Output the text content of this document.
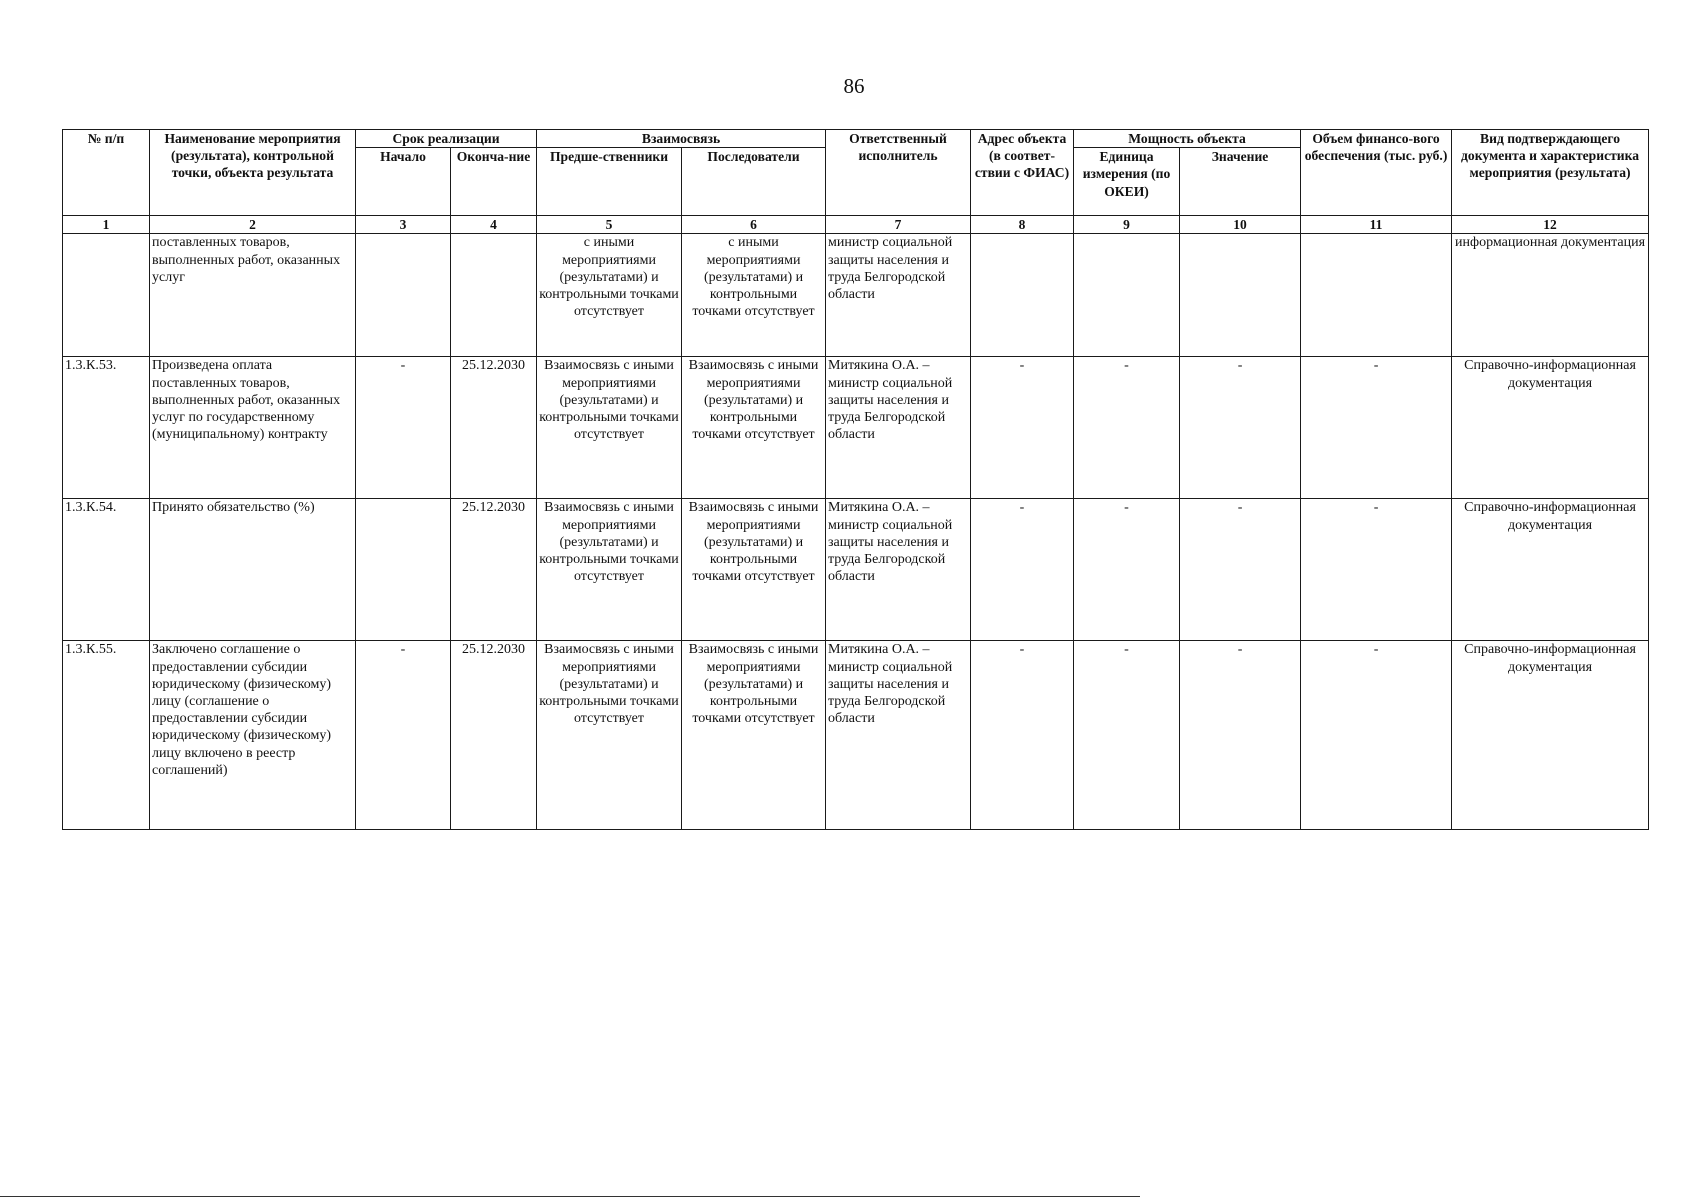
86
№ п/п	Наименование мероприятия (результата), контрольной точки, объекта результата	Срок реализации		Взаимосвязь		Ответственный исполнитель	Адрес объекта (в соответ-ствии с ФИАС)	Мощность объекта		Объем финансо-вого обеспечения (тыс. руб.)	Вид подтверждающего документа и характеристика мероприятия (результата)
		Начало	Оконча-ние	Предше-ственники	Последователи			Единица измерения (по ОКЕИ)	Значение		
1	2	3	4	5	6	7	8	9	10	11	12
	поставленных товаров, выполненных работ, оказанных услуг			с иными мероприятиями (результатами) и контрольными точками отсутствует	с иными мероприятиями (результатами) и контрольными точками отсутствует	министр социальной защиты населения и труда Белгородской области					информационная документация
1.3.К.53.	Произведена оплата поставленных товаров, выполненных работ, оказанных услуг по государственному (муниципальному) контракту	-	25.12.2030	Взаимосвязь с иными мероприятиями (результатами) и контрольными точками отсутствует	Взаимосвязь с иными мероприятиями (результатами) и контрольными точками отсутствует	Митякина О.А. – министр социальной защиты населения и труда Белгородской области	-	-	-	-	Справочно-информационная документация
1.3.К.54.	Принято обязательство (%)		25.12.2030	Взаимосвязь с иными мероприятиями (результатами) и контрольными точками отсутствует	Взаимосвязь с иными мероприятиями (результатами) и контрольными точками отсутствует	Митякина О.А. – министр социальной защиты населения и труда Белгородской области	-	-	-	-	Справочно-информационная документация
1.3.К.55.	Заключено соглашение о предоставлении субсидии юридическому (физическому) лицу (соглашение о предоставлении субсидии юридическому (физическому) лицу включено в реестр соглашений)	-	25.12.2030	Взаимосвязь с иными мероприятиями (результатами) и контрольными точками отсутствует	Взаимосвязь с иными мероприятиями (результатами) и контрольными точками отсутствует	Митякина О.А. – министр социальной защиты населения и труда Белгородской области	-	-	-	-	Справочно-информационная документация
